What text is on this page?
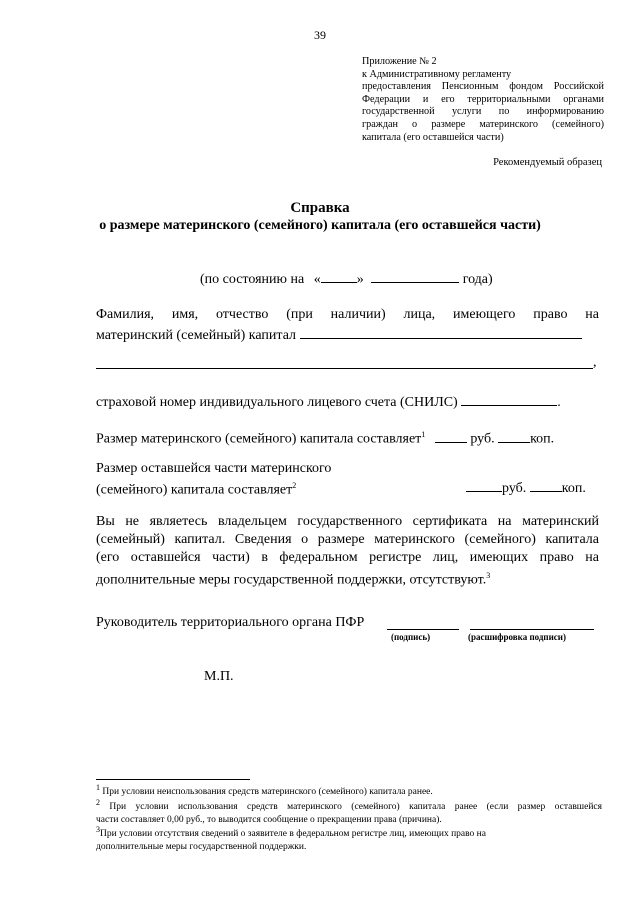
39
Приложение № 2
к Административному регламенту
предоставления Пенсионным фондом Российской
Федерации и его территориальными органами
государственной услуги по информированию
граждан о размере материнского (семейного)
капитала (его оставшейся части)
Рекомендуемый образец
Справка
о размере материнского (семейного) капитала (его оставшейся части)
(по состоянию на «	»	года)
Фамилия, имя, отчество (при наличии) лица, имеющего право на
материнский (семейный) капитал
,
страховой номер индивидуального лицевого счета (СНИЛС)	.
Размер материнского (семейного) капитала составляет$^1$	руб.	коп.
Размер оставшейся части материнского
(семейного) капитала составляет$^2$	руб.	коп.
Вы не являетесь владельцем государственного сертификата на материнский
(семейный) капитал. Сведения о размере материнского (семейного) капитала
(его оставшейся части) в федеральном регистре лиц, имеющих право на
дополнительные меры государственной поддержки, отсутствуют.$^3$
Руководитель территориального органа ПФР
(подпись)	(расшифровка подписи)
М.П.
$^1$ При условии неиспользования средств материнского (семейного) капитала ранее.
$^2$ При условии использования средств материнского (семейного) капитала ранее (если размер оставшейся
части составляет 0,00 руб., то выводится сообщение о прекращении права (причина).
$^3$При условии отсутствия сведений о заявителе в федеральном регистре лиц, имеющих право на
дополнительные меры государственной поддержки.
